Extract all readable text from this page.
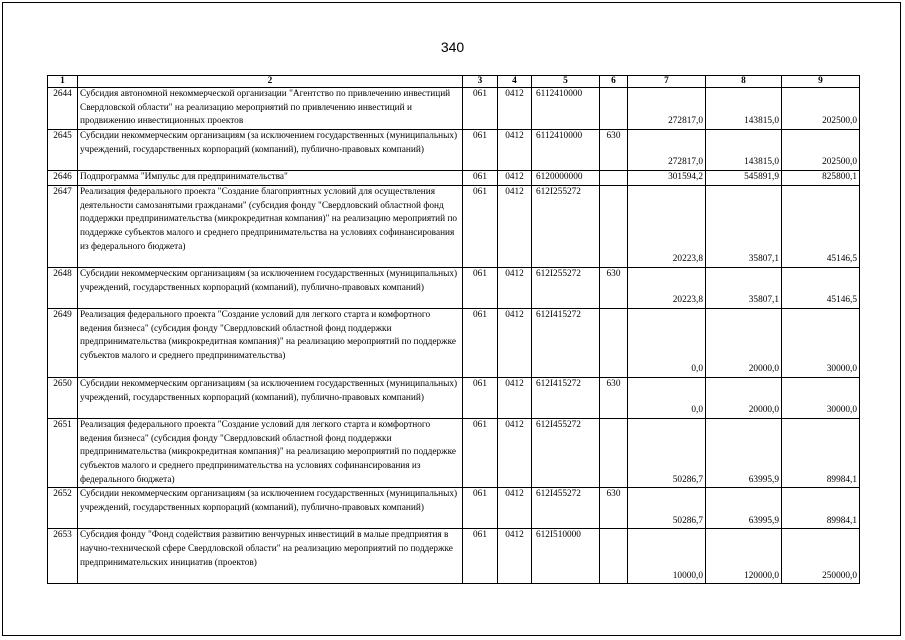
340
1	2	3	4	5	6	7	8	9
2644	Субсидия автономной некоммерческой организации "Агентство по привлечению инвестиций Свердловской области" на реализацию мероприятий по привлечению инвестиций и продвижению инвестиционных проектов	061	0412	6112410000		272817,0	143815,0	202500,0
2645	Субсидии некоммерческим организациям (за исключением государственных (муниципальных) учреждений, государственных корпораций (компаний), публично-правовых компаний)	061	0412	6112410000	630	272817,0	143815,0	202500,0
2646	Подпрограмма "Импульс для предпринимательства"	061	0412	6120000000		301594,2	545891,9	825800,1
2647	Реализация федерального проекта "Создание благоприятных условий для осуществления деятельности самозанятыми гражданами" (субсидия фонду "Свердловский областной фонд поддержки предпринимательства (микрокредитная компания)" на реализацию мероприятий по поддержке субъектов малого и среднего предпринимательства на условиях софинансирования из федерального бюджета)	061	0412	612I255272		20223,8	35807,1	45146,5
2648	Субсидии некоммерческим организациям (за исключением государственных (муниципальных) учреждений, государственных корпораций (компаний), публично-правовых компаний)	061	0412	612I255272	630	20223,8	35807,1	45146,5
2649	Реализация федерального проекта "Создание условий для легкого старта и комфортного ведения бизнеса" (субсидия фонду "Свердловский областной фонд поддержки предпринимательства (микрокредитная компания)" на реализацию мероприятий по поддержке субъектов малого и среднего предпринимательства)	061	0412	612I415272		0,0	20000,0	30000,0
2650	Субсидии некоммерческим организациям (за исключением государственных (муниципальных) учреждений, государственных корпораций (компаний), публично-правовых компаний)	061	0412	612I415272	630	0,0	20000,0	30000,0
2651	Реализация федерального проекта "Создание условий для легкого старта и комфортного ведения бизнеса" (субсидия фонду "Свердловский областной фонд поддержки предпринимательства (микрокредитная компания)" на реализацию мероприятий по поддержке субъектов малого и среднего предпринимательства на условиях софинансирования из федерального бюджета)	061	0412	612I455272		50286,7	63995,9	89984,1
2652	Субсидии некоммерческим организациям (за исключением государственных (муниципальных) учреждений, государственных корпораций (компаний), публично-правовых компаний)	061	0412	612I455272	630	50286,7	63995,9	89984,1
2653	Субсидия фонду "Фонд содействия развитию венчурных инвестиций в малые предприятия в научно-технической сфере Свердловской области" на реализацию мероприятий по поддержке предпринимательских инициатив (проектов)	061	0412	612I510000		10000,0	120000,0	250000,0
